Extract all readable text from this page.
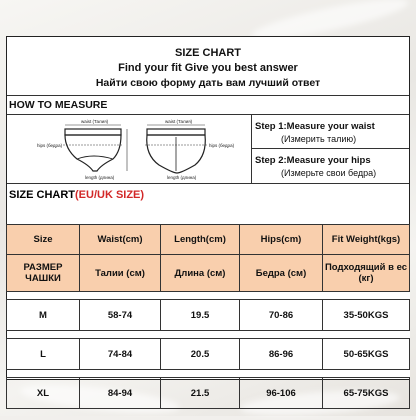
SIZE CHART
Find your fit Give you best answer
Найти свою форму дать вам лучший ответ
HOW TO MEASURE
waist (Талия)
hips (бедра)
length (длина)
waist (Талия)
hips (бедра)
length (длина)
Step 1:Measure your waist
(Измерить талию)
Step 2:Measure your hips
(Измерьте свои бедра)
SIZE CHART(EU/UK SIZE)
Size	Waist(cm)	Length(cm)	Hips(cm)	Fit Weight(kgs)
РАЗМЕР ЧАШКИ	Талии (см)	Длина (см)	Бедра (см)	Подходящий в ес (кг)

M	58-74	19.5	70-86	35-50KGS

L	74-84	20.5	86-96	50-65KGS

XL	84-94	21.5	96-106	65-75KGS
